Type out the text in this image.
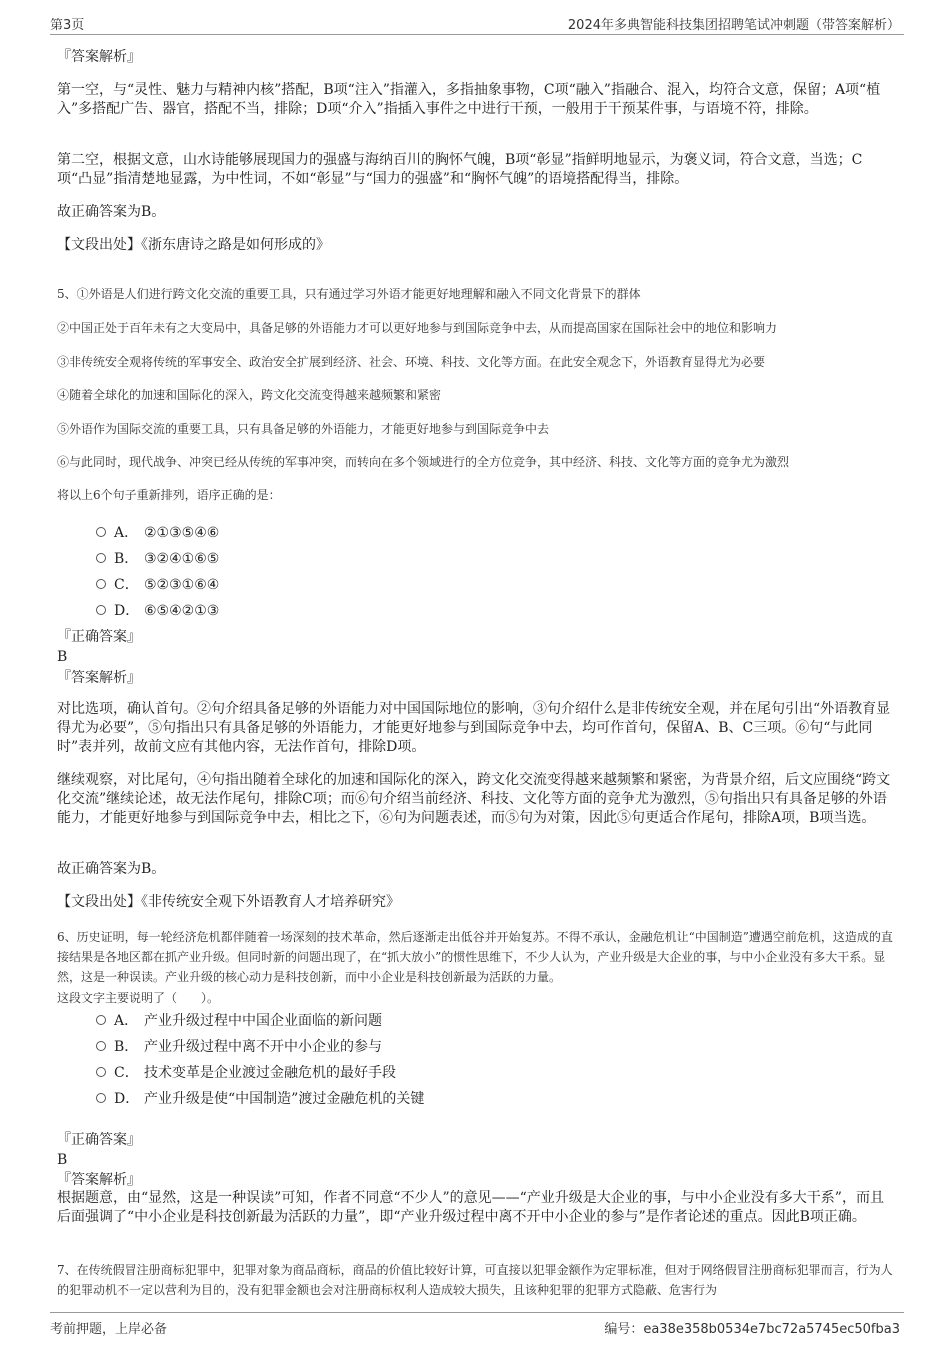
第3页	2024年多典智能科技集团招聘笔试冲刺题（带答案解析）
『答案解析』
第一空，与“灵性、魅力与精神内核”搭配，B项“注入”指灌入，多指抽象事物，C项“融入”指融合、混入，均符合文意，保留；A项“植入”多搭配广告、器官，搭配不当，排除；D项“介入”指插入事件之中进行干预，一般用于干预某件事，与语境不符，排除。
第二空，根据文意，山水诗能够展现国力的强盛与海纳百川的胸怀气魄，B项“彰显”指鲜明地显示，为褒义词，符合文意，当选；C项“凸显”指清楚地显露，为中性词，不如“彰显”与“国力的强盛”和“胸怀气魄”的语境搭配得当，排除。
故正确答案为B。
【文段出处】《浙东唐诗之路是如何形成的》
5、①外语是人们进行跨文化交流的重要工具，只有通过学习外语才能更好地理解和融入不同文化背景下的群体
②中国正处于百年未有之大变局中，具备足够的外语能力才可以更好地参与到国际竞争中去，从而提高国家在国际社会中的地位和影响力
③非传统安全观将传统的军事安全、政治安全扩展到经济、社会、环境、科技、文化等方面。在此安全观念下，外语教育显得尤为必要
④随着全球化的加速和国际化的深入，跨文化交流变得越来越频繁和紧密
⑤外语作为国际交流的重要工具，只有具备足够的外语能力，才能更好地参与到国际竞争中去
⑥与此同时，现代战争、冲突已经从传统的军事冲突，而转向在多个领域进行的全方位竞争，其中经济、科技、文化等方面的竞争尤为激烈
将以上6个句子重新排列，语序正确的是：
A． ②①③⑤④⑥
B． ③②④①⑥⑤
C． ⑤②③①⑥④
D． ⑥⑤④②①③
『正确答案』
B
『答案解析』
对比选项，确认首句。②句介绍具备足够的外语能力对中国国际地位的影响，③句介绍什么是非传统安全观，并在尾句引出“外语教育显得尤为必要”，⑤句指出只有具备足够的外语能力，才能更好地参与到国际竞争中去，均可作首句，保留A、B、C三项。⑥句“与此同时”表并列，故前文应有其他内容，无法作首句，排除D项。
继续观察，对比尾句，④句指出随着全球化的加速和国际化的深入，跨文化交流变得越来越频繁和紧密，为背景介绍，后文应围绕“跨文化交流”继续论述，故无法作尾句，排除C项；而⑥句介绍当前经济、科技、文化等方面的竞争尤为激烈，⑤句指出只有具备足够的外语能力，才能更好地参与到国际竞争中去，相比之下，⑥句为问题表述，而⑤句为对策，因此⑤句更适合作尾句，排除A项，B项当选。
故正确答案为B。
【文段出处】《非传统安全观下外语教育人才培养研究》
6、历史证明，每一轮经济危机都伴随着一场深刻的技术革命，然后逐渐走出低谷并开始复苏。不得不承认，金融危机让“中国制造”遭遇空前危机，这造成的直接结果是各地区都在抓产业升级。但同时新的问题出现了，在“抓大放小”的惯性思维下，不少人认为，产业升级是大企业的事，与中小企业没有多大干系。显然，这是一种误读。产业升级的核心动力是科技创新，而中小企业是科技创新最为活跃的力量。
这段文字主要说明了（　　）。
A． 产业升级过程中中国企业面临的新问题
B． 产业升级过程中离不开中小企业的参与
C． 技术变革是企业渡过金融危机的最好手段
D． 产业升级是使“中国制造”渡过金融危机的关键
『正确答案』
B
『答案解析』
根据题意，由“显然，这是一种误读”可知，作者不同意“不少人”的意见——“产业升级是大企业的事，与中小企业没有多大干系”，而且后面强调了“中小企业是科技创新最为活跃的力量”，即“产业升级过程中离不开中小企业的参与”是作者论述的重点。因此B项正确。
7、在传统假冒注册商标犯罪中，犯罪对象为商品商标，商品的价值比较好计算，可直接以犯罪金额作为定罪标准，但对于网络假冒注册商标犯罪而言，行为人的犯罪动机不一定以营利为目的，没有犯罪金额也会对注册商标权利人造成较大损失，且该种犯罪的犯罪方式隐蔽、危害行为
考前押题，上岸必备	编号：ea38e358b0534e7bc72a5745ec50fba3
